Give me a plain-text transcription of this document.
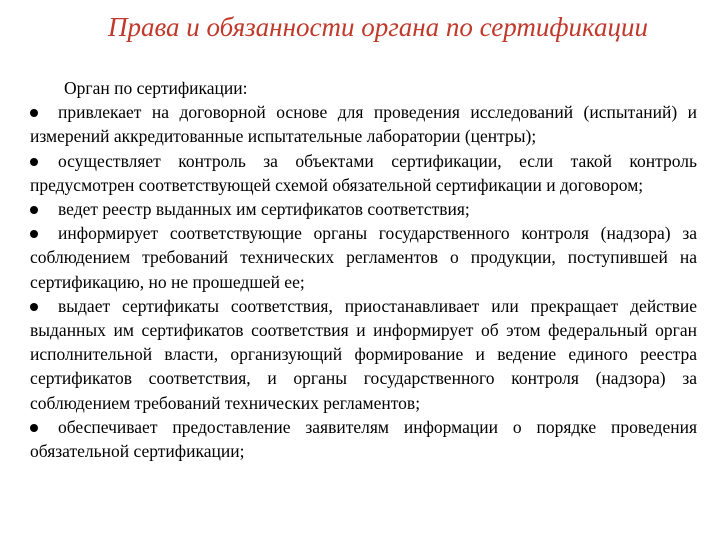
Права и обязанности органа по сертификации

Орган по сертификации:

привлекает на договорной основе для проведения исследований (испытаний) и измерений аккредитованные испытательные лаборатории (центры);

осуществляет контроль за объектами сертификации, если такой контроль предусмотрен соответствующей схемой обязательной сертификации и договором;

ведет реестр выданных им сертификатов соответствия;

информирует соответствующие органы государственного контроля (надзора) за соблюдением требований технических регламентов о продукции, поступившей на сертификацию, но не прошедшей ее;

выдает сертификаты соответствия, приостанавливает или прекращает действие выданных им сертификатов соответствия и информирует об этом федеральный орган исполнительной власти, организующий формирование и ведение единого реестра сертификатов соответствия, и органы государственного контроля (надзора) за соблюдением требований технических регламентов;

обеспечивает предоставление заявителям информации о порядке проведения обязательной сертификации;
